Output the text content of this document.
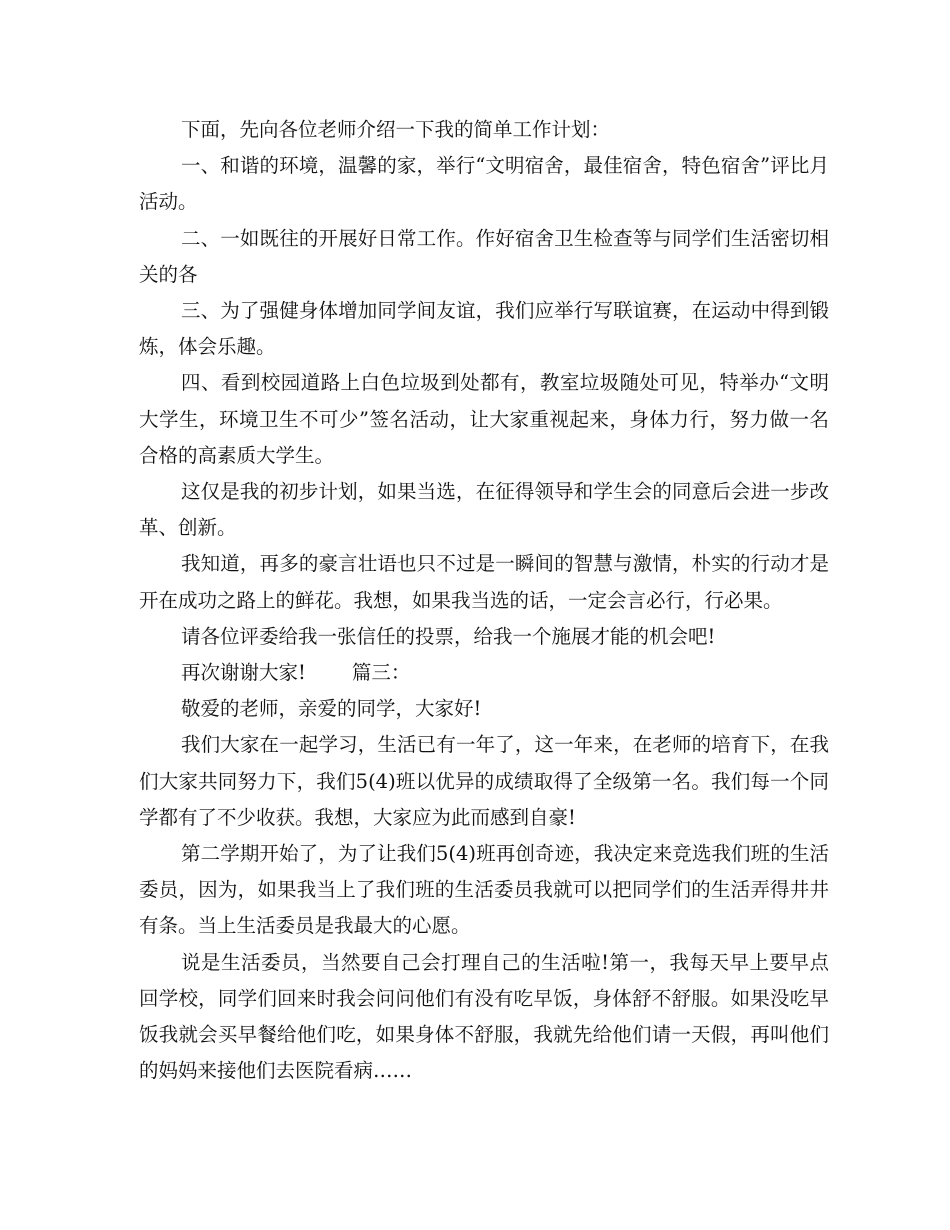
下面，先向各位老师介绍一下我的简单工作计划：

一、和谐的环境，温馨的家，举行“文明宿舍，最佳宿舍，特色宿舍”评比月活动。

二、一如既往的开展好日常工作。作好宿舍卫生检查等与同学们生活密切相关的各

三、为了强健身体增加同学间友谊，我们应举行写联谊赛，在运动中得到锻炼，体会乐趣。

四、看到校园道路上白色垃圾到处都有，教室垃圾随处可见，特举办“文明大学生，环境卫生不可少”签名活动，让大家重视起来，身体力行，努力做一名合格的高素质大学生。

这仅是我的初步计划，如果当选，在征得领导和学生会的同意后会进一步改革、创新。

我知道，再多的豪言壮语也只不过是一瞬间的智慧与激情，朴实的行动才是开在成功之路上的鲜花。我想，如果我当选的话，一定会言必行，行必果。

请各位评委给我一张信任的投票，给我一个施展才能的机会吧!

再次谢谢大家! 篇三：

敬爱的老师，亲爱的同学，大家好!

我们大家在一起学习，生活已有一年了，这一年来，在老师的培育下，在我们大家共同努力下，我们5(4)班以优异的成绩取得了全级第一名。我们每一个同学都有了不少收获。我想，大家应为此而感到自豪!

第二学期开始了，为了让我们5(4)班再创奇迹，我决定来竞选我们班的生活委员，因为，如果我当上了我们班的生活委员我就可以把同学们的生活弄得井井有条。当上生活委员是我最大的心愿。

说是生活委员，当然要自己会打理自己的生活啦!第一，我每天早上要早点回学校，同学们回来时我会问问他们有没有吃早饭，身体舒不舒服。如果没吃早饭我就会买早餐给他们吃，如果身体不舒服，我就先给他们请一天假，再叫他们的妈妈来接他们去医院看病……
